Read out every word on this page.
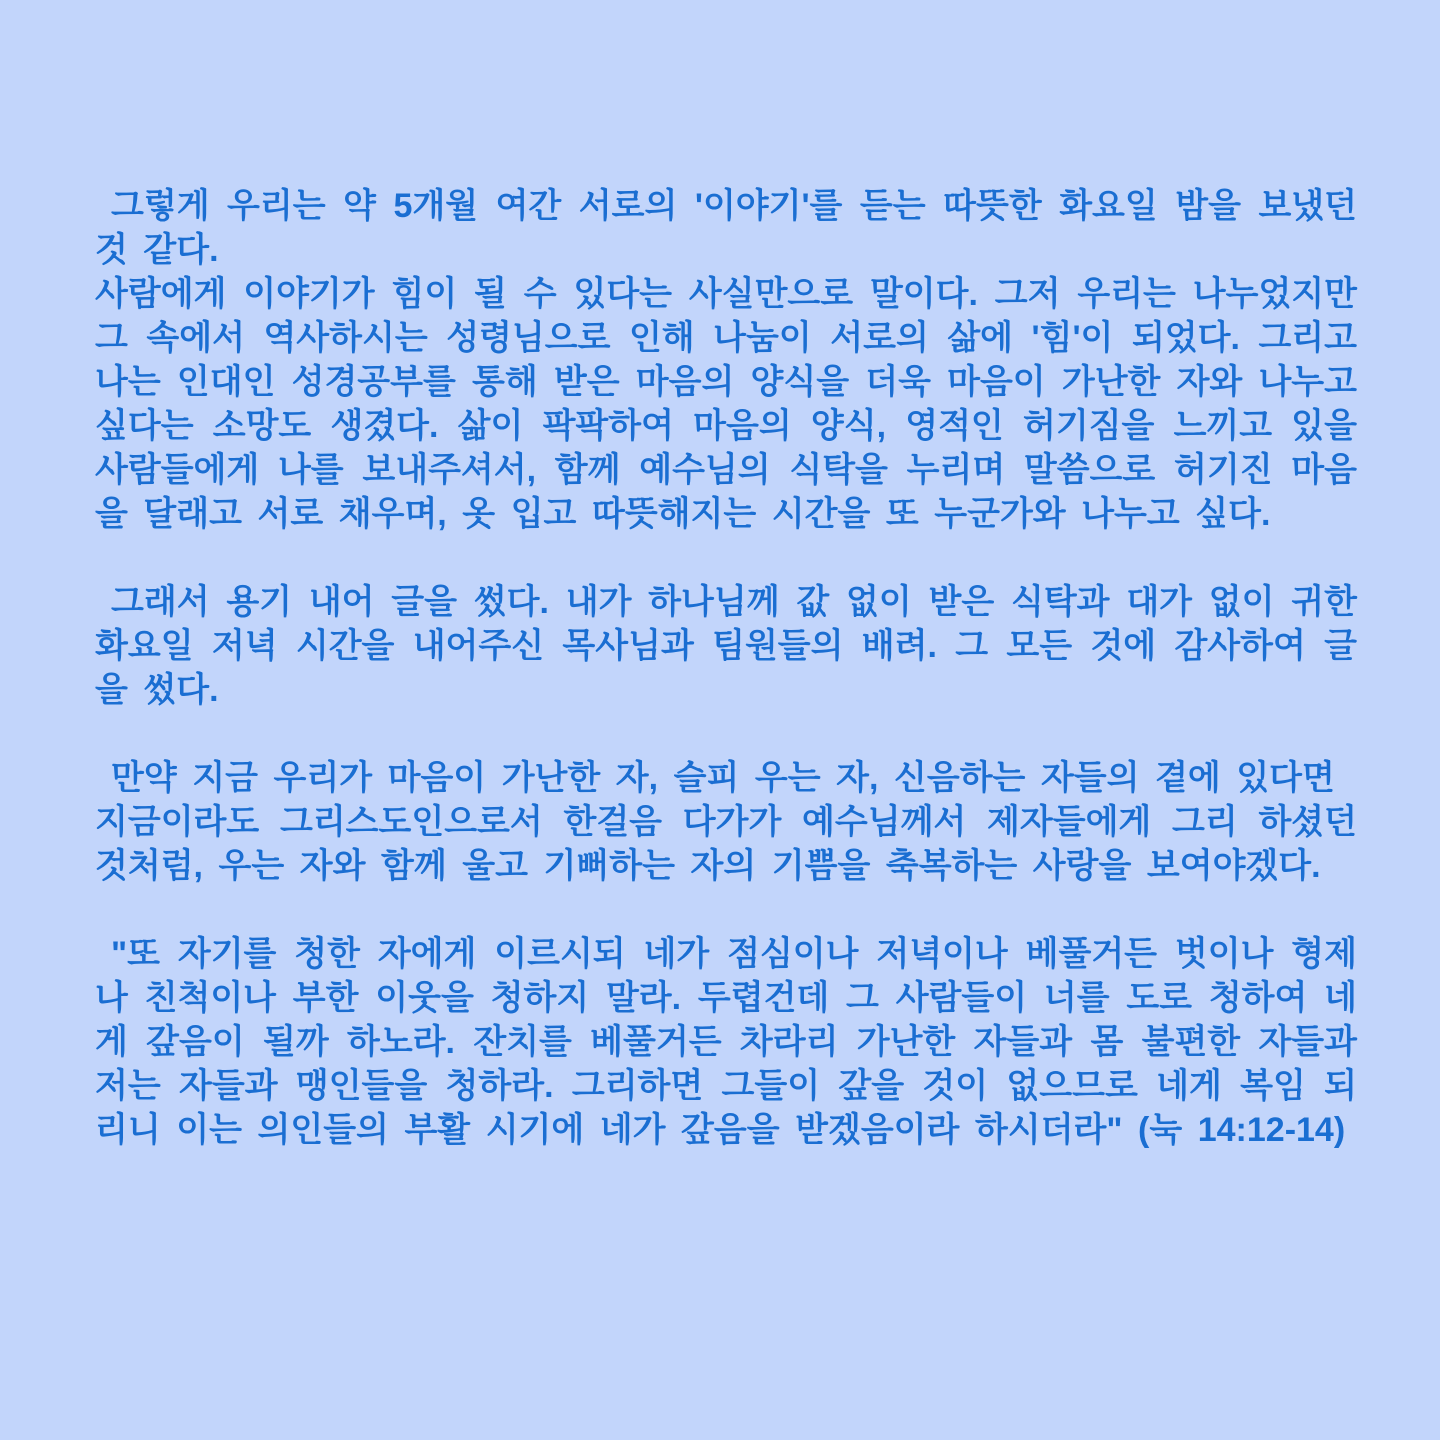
그렇게 우리는 약 5개월 여간 서로의 '이야기'를 듣는 따뜻한 화요일 밤을 보냈던 것 같다.
사람에게 이야기가 힘이 될 수 있다는 사실만으로 말이다. 그저 우리는 나누었지만 그 속에서 역사하시는 성령님으로 인해 나눔이 서로의 삶에 '힘'이 되었다. 그리고 나는 인대인 성경공부를 통해 받은 마음의 양식을 더욱 마음이 가난한 자와 나누고 싶다는 소망도 생겼다. 삶이 팍팍하여 마음의 양식, 영적인 허기짐을 느끼고 있을 사람들에게 나를 보내주셔서, 함께 예수님의 식탁을 누리며 말씀으로 허기진 마음을 달래고 서로 채우며, 옷 입고 따뜻해지는 시간을 또 누군가와 나누고 싶다.
그래서 용기 내어 글을 썼다. 내가 하나님께 값 없이 받은 식탁과 대가 없이 귀한 화요일 저녁 시간을 내어주신 목사님과 팀원들의 배려. 그 모든 것에 감사하여 글을 썼다.
만약 지금 우리가 마음이 가난한 자, 슬피 우는 자, 신음하는 자들의 곁에 있다면
지금이라도 그리스도인으로서 한걸음 다가가 예수님께서 제자들에게 그리 하셨던 것처럼, 우는 자와 함께 울고 기뻐하는 자의 기쁨을 축복하는 사랑을 보여야겠다.
"또 자기를 청한 자에게 이르시되 네가 점심이나 저녁이나 베풀거든 벗이나 형제나 친척이나 부한 이웃을 청하지 말라. 두렵건데 그 사람들이 너를 도로 청하여 네게 갚음이 될까 하노라. 잔치를 베풀거든 차라리 가난한 자들과 몸 불편한 자들과 저는 자들과 맹인들을 청하라. 그리하면 그들이 갚을 것이 없으므로 네게 복임 되리니 이는 의인들의 부활 시기에 네가 갚음을 받겠음이라 하시더라" (눅 14:12-14)
